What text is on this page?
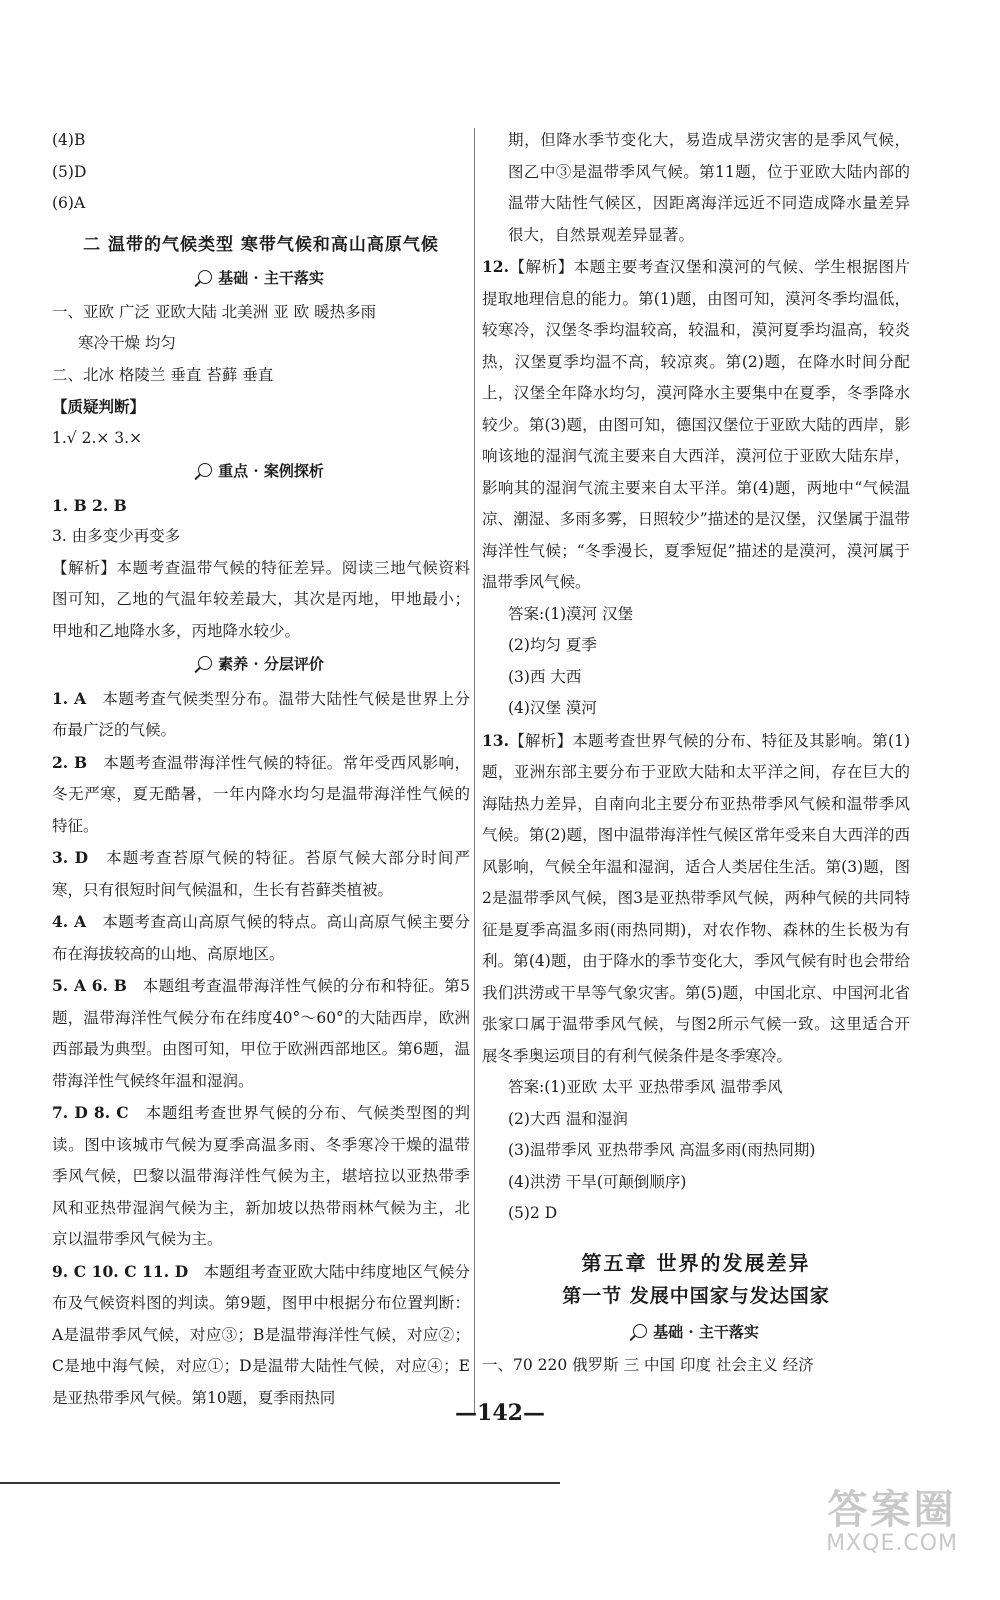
(4)B

(5)D

(6)A

二 温带的气候类型 寒带气候和高山高原气候
基础 · 主干落实

一、亚欧 广泛 亚欧大陆 北美洲 亚 欧 暖热多雨

寒冷干燥 均匀

二、北冰 格陵兰 垂直 苔藓 垂直

【质疑判断】

1.√ 2.× 3.×

重点 · 案例探析

1. B 2. B

3. 由多变少再变多

【解析】本题考查温带气候的特征差异。阅读三地气候资料图可知，乙地的气温年较差最大，其次是丙地，甲地最小；甲地和乙地降水多，丙地降水较少。

素养 · 分层评价

1. A 本题考查气候类型分布。温带大陆性气候是世界上分布最广泛的气候。

2. B 本题考查温带海洋性气候的特征。常年受西风影响，冬无严寒，夏无酷暑，一年内降水均匀是温带海洋性气候的特征。

3. D 本题考查苔原气候的特征。苔原气候大部分时间严寒，只有很短时间气候温和，生长有苔藓类植被。

4. A 本题考查高山高原气候的特点。高山高原气候主要分布在海拔较高的山地、高原地区。

5. A 6. B 本题组考查温带海洋性气候的分布和特征。第5题，温带海洋性气候分布在纬度40°～60°的大陆西岸，欧洲西部最为典型。由图可知，甲位于欧洲西部地区。第6题，温带海洋性气候终年温和湿润。

7. D 8. C 本题组考查世界气候的分布、气候类型图的判读。图中该城市气候为夏季高温多雨、冬季寒冷干燥的温带季风气候，巴黎以温带海洋性气候为主，堪培拉以亚热带季风和亚热带湿润气候为主，新加坡以热带雨林气候为主，北京以温带季风气候为主。

9. C 10. C 11. D 本题组考查亚欧大陆中纬度地区气候分布及气候资料图的判读。第9题，图甲中根据分布位置判断：A是温带季风气候，对应③；B是温带海洋性气候，对应②；C是地中海气候，对应①；D是温带大陆性气候，对应④；E是亚热带季风气候。第10题，夏季雨热同

期，但降水季节变化大，易造成旱涝灾害的是季风气候，图乙中③是温带季风气候。第11题，位于亚欧大陆内部的温带大陆性气候区，因距离海洋远近不同造成降水量差异很大，自然景观差异显著。

12.【解析】本题主要考查汉堡和漠河的气候、学生根据图片提取地理信息的能力。第(1)题，由图可知，漠河冬季均温低，较寒冷，汉堡冬季均温较高，较温和，漠河夏季均温高，较炎热，汉堡夏季均温不高，较凉爽。第(2)题，在降水时间分配上，汉堡全年降水均匀，漠河降水主要集中在夏季，冬季降水较少。第(3)题，由图可知，德国汉堡位于亚欧大陆的西岸，影响该地的湿润气流主要来自大西洋，漠河位于亚欧大陆东岸，影响其的湿润气流主要来自太平洋。第(4)题，两地中“气候温凉、潮湿、多雨多雾，日照较少”描述的是汉堡，汉堡属于温带海洋性气候；“冬季漫长，夏季短促”描述的是漠河，漠河属于温带季风气候。

答案:(1)漠河 汉堡

(2)均匀 夏季

(3)西 大西

(4)汉堡 漠河

13.【解析】本题考查世界气候的分布、特征及其影响。第(1)题，亚洲东部主要分布于亚欧大陆和太平洋之间，存在巨大的海陆热力差异，自南向北主要分布亚热带季风气候和温带季风气候。第(2)题，图中温带海洋性气候区常年受来自大西洋的西风影响，气候全年温和湿润，适合人类居住生活。第(3)题，图2是温带季风气候，图3是亚热带季风气候，两种气候的共同特征是夏季高温多雨(雨热同期)，对农作物、森林的生长极为有利。第(4)题，由于降水的季节变化大，季风气候有时也会带给我们洪涝或干旱等气象灾害。第(5)题，中国北京、中国河北省张家口属于温带季风气候，与图2所示气候一致。这里适合开展冬季奥运项目的有利气候条件是冬季寒冷。

答案:(1)亚欧 太平 亚热带季风 温带季风

(2)大西 温和湿润

(3)温带季风 亚热带季风 高温多雨(雨热同期)

(4)洪涝 干旱(可颠倒顺序)

(5)2 D

第五章 世界的发展差异
第一节 发展中国家与发达国家
基础 · 主干落实

一、70 220 俄罗斯 三 中国 印度 社会主义 经济

—142—
答案圈
MXQE.COM
